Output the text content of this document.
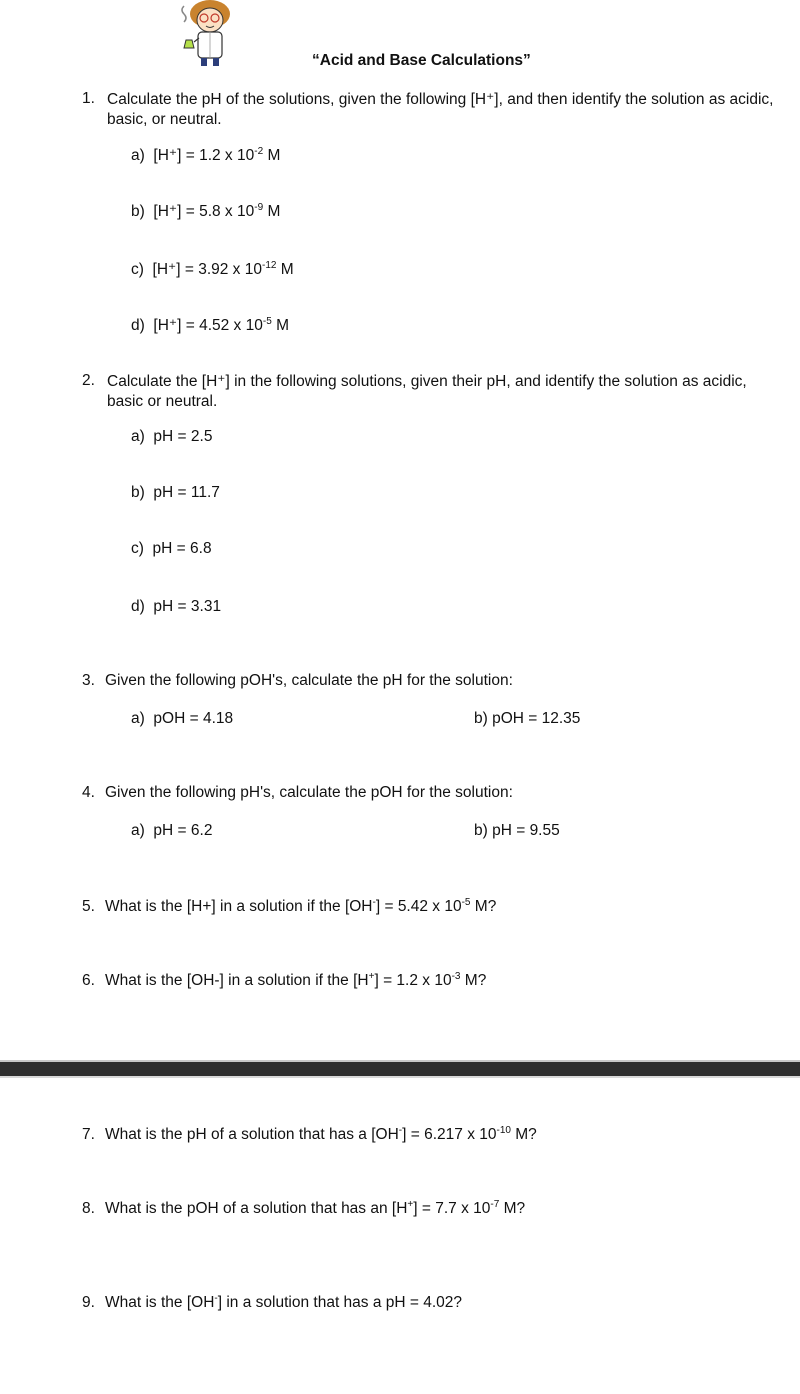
“Acid and Base Calculations”
1. Calculate the pH of the solutions, given the following [H⁺], and then identify the solution as acidic, basic, or neutral.
a) [H⁺] = 1.2 x $10^{-2}$ M
b) [H⁺] = 5.8 x $10^{-9}$ M
c) [H⁺] = 3.92 x $10^{-12}$ M
d) [H⁺] = 4.52 x $10^{-5}$ M
2. Calculate the [H⁺] in the following solutions, given their pH, and identify the solution as acidic, basic or neutral.
a) pH = 2.5
b) pH = 11.7
c) pH = 6.8
d) pH = 3.31
3. Given the following pOH's, calculate the pH for the solution:
a) pOH = 4.18	b) pOH = 12.35
4. Given the following pH's, calculate the pOH for the solution:
a) pH = 6.2	b) pH = 9.55
5. What is the [H+] in a solution if the [OH-] = 5.42 x $10^{-5}$ M?
6. What is the [OH-] in a solution if the [H+] = 1.2 x $10^{-3}$ M?
7. What is the pH of a solution that has a [OH-] = 6.217 x $10^{-10}$ M?
8. What is the pOH of a solution that has an [H+] = 7.7 x $10^{-7}$ M?
9. What is the [OH-] in a solution that has a pH = 4.02?
